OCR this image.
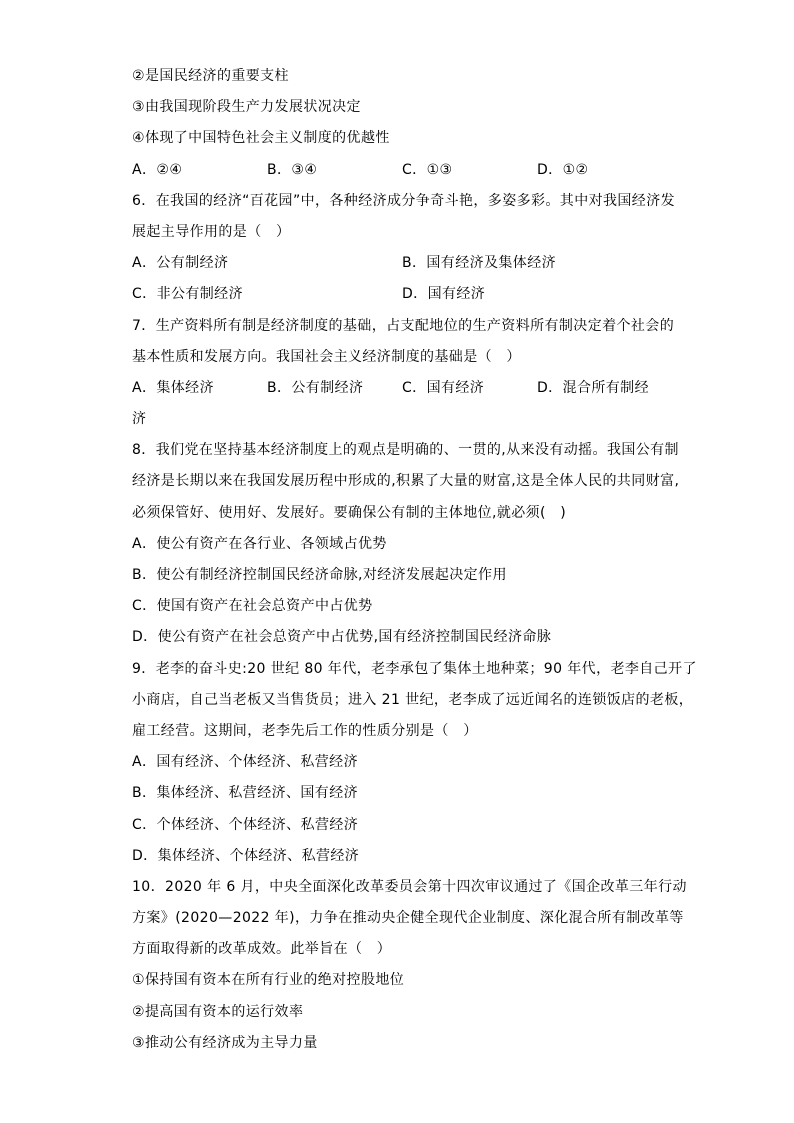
②是国民经济的重要支柱
③由我国现阶段生产力发展状况决定
④体现了中国特色社会主义制度的优越性
A．②④	B．③④	C．①③	D．①②
6．在我国的经济“百花园”中，各种经济成分争奇斗艳，多姿多彩。其中对我国经济发
展起主导作用的是（　）
A．公有制经济	B．国有经济及集体经济
C．非公有制经济	D．国有经济
7．生产资料所有制是经济制度的基础，占支配地位的生产资料所有制决定着个社会的
基本性质和发展方向。我国社会主义经济制度的基础是（　）
A．集体经济	B．公有制经济	C．国有经济	D．混合所有制经
济
8．我们党在坚持基本经济制度上的观点是明确的、一贯的,从来没有动摇。我国公有制
经济是长期以来在我国发展历程中形成的,积累了大量的财富,这是全体人民的共同财富,
必须保管好、使用好、发展好。要确保公有制的主体地位,就必须(　)
A．使公有资产在各行业、各领域占优势
B．使公有制经济控制国民经济命脉,对经济发展起决定作用
C．使国有资产在社会总资产中占优势
D．使公有资产在社会总资产中占优势,国有经济控制国民经济命脉
9．老李的奋斗史:20 世纪 80 年代，老李承包了集体土地种菜；90 年代，老李自己开了
小商店，自己当老板又当售货员；进入 21 世纪，老李成了远近闻名的连锁饭店的老板，
雇工经营。这期间，老李先后工作的性质分别是（　）
A．国有经济、个体经济、私营经济
B．集体经济、私营经济、国有经济
C．个体经济、个体经济、私营经济
D．集体经济、个体经济、私营经济
10．2020 年 6 月，中央全面深化改革委员会第十四次审议通过了《国企改革三年行动
方案》(2020—2022 年)，力争在推动央企健全现代企业制度、深化混合所有制改革等
方面取得新的改革成效。此举旨在（　）
①保持国有资本在所有行业的绝对控股地位
②提高国有资本的运行效率
③推动公有经济成为主导力量
